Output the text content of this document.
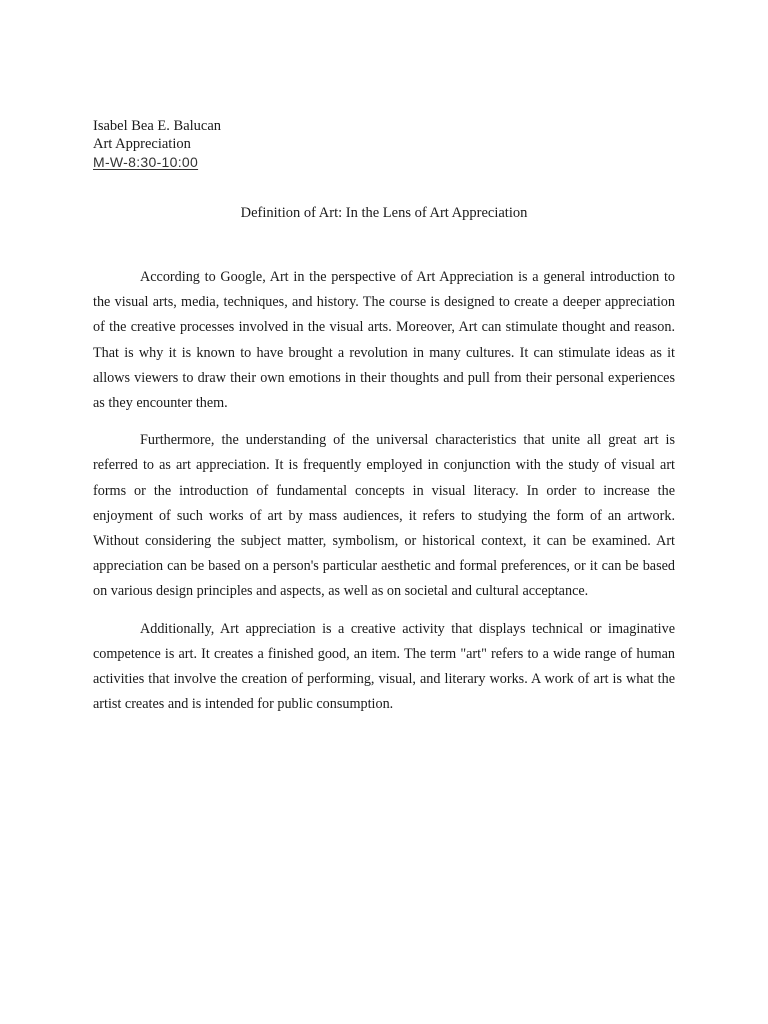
Isabel Bea E. Balucan
Art Appreciation
M-W-8:30-10:00
Definition of Art: In the Lens of Art Appreciation

According to Google, Art in the perspective of Art Appreciation is a general introduction to the visual arts, media, techniques, and history. The course is designed to create a deeper appreciation of the creative processes involved in the visual arts. Moreover, Art can stimulate thought and reason. That is why it is known to have brought a revolution in many cultures. It can stimulate ideas as it allows viewers to draw their own emotions in their thoughts and pull from their personal experiences as they encounter them.

Furthermore, the understanding of the universal characteristics that unite all great art is referred to as art appreciation. It is frequently employed in conjunction with the study of visual art forms or the introduction of fundamental concepts in visual literacy. In order to increase the enjoyment of such works of art by mass audiences, it refers to studying the form of an artwork. Without considering the subject matter, symbolism, or historical context, it can be examined. Art appreciation can be based on a person's particular aesthetic and formal preferences, or it can be based on various design principles and aspects, as well as on societal and cultural acceptance.

Additionally, Art appreciation is a creative activity that displays technical or imaginative competence is art. It creates a finished good, an item. The term "art" refers to a wide range of human activities that involve the creation of performing, visual, and literary works. A work of art is what the artist creates and is intended for public consumption.
